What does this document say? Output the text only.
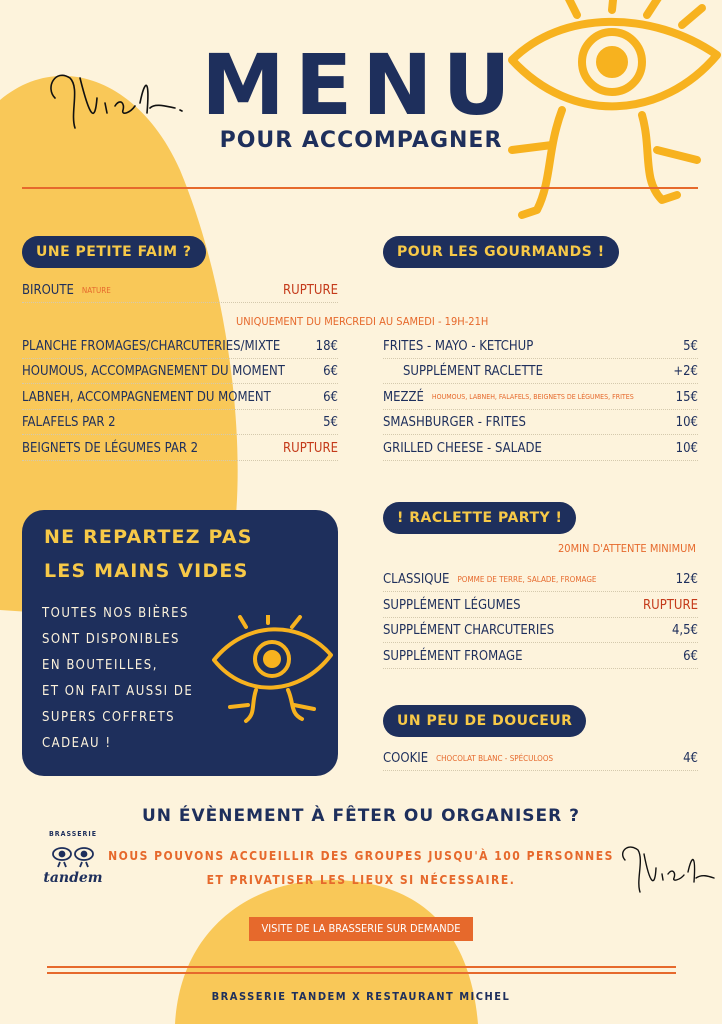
MENU
POUR ACCOMPAGNER
UNE PETITE FAIM ?
BIROUTE NATURE	RUPTURE
UNIQUEMENT DU MERCREDI AU SAMEDI - 19H-21H
PLANCHE FROMAGES/CHARCUTERIES/MIXTE	18€
HOUMOUS, ACCOMPAGNEMENT DU MOMENT	6€
LABNEH, ACCOMPAGNEMENT DU MOMENT	6€
FALAFELS PAR 2	5€
BEIGNETS DE LÉGUMES PAR 2	RUPTURE
POUR LES GOURMANDS !
FRITES - MAYO - KETCHUP	5€
SUPPLÉMENT RACLETTE	+2€
MEZZÉ HOUMOUS, LABNEH, FALAFELS, BEIGNETS DE LÉGUMES, FRITES	15€
SMASHBURGER - FRITES	10€
GRILLED CHEESE - SALADE	10€
! RACLETTE PARTY !
20MIN D'ATTENTE MINIMUM
CLASSIQUE POMME DE TERRE, SALADE, FROMAGE	12€
SUPPLÉMENT LÉGUMES	RUPTURE
SUPPLÉMENT CHARCUTERIES	4,5€
SUPPLÉMENT FROMAGE	6€
UN PEU DE DOUCEUR
COOKIE CHOCOLAT BLANC - SPÉCULOOS	4€
NE REPARTEZ PAS
LES MAINS VIDES
TOUTES NOS BIÈRES
SONT DISPONIBLES
EN BOUTEILLES,
ET ON FAIT AUSSI DE
SUPERS COFFRETS
CADEAU !
UN ÉVÈNEMENT À FÊTER OU ORGANISER ?
NOUS POUVONS ACCUEILLIR DES GROUPES JUSQU'À 100 PERSONNES
ET PRIVATISER LES LIEUX SI NÉCESSAIRE.
VISITE DE LA BRASSERIE SUR DEMANDE
BRASSERIE
tandem
BRASSERIE TANDEM X RESTAURANT MICHEL
